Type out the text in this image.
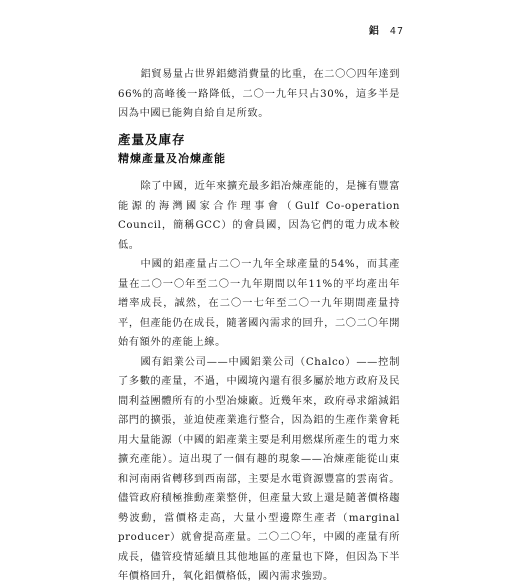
鋁 47

鋁貿易量占世界鋁總消費量的比重，在二〇〇四年達到66%的高峰後一路降低，二〇一九年只占30%，這多半是因為中國已能夠自給自足所致。

產量及庫存
精煉產量及冶煉產能

除了中國，近年來擴充最多鋁冶煉產能的，是擁有豐富能源的海灣國家合作理事會（Gulf Co-operation Council，簡稱GCC）的會員國，因為它們的電力成本較低。

中國的鋁產量占二〇一九年全球產量的54%，而其產量在二〇一〇年至二〇一九年期間以年11%的平均產出年增率成長，誠然，在二〇一七年至二〇一九年期間產量持平，但產能仍在成長，隨著國內需求的回升，二〇二〇年開始有額外的產能上線。

國有鋁業公司——中國鋁業公司（Chalco）——控制了多數的產量，不過，中國境內還有很多屬於地方政府及民間利益團體所有的小型冶煉廠。近幾年來，政府尋求縮減鋁部門的擴張，並迫使產業進行整合，因為鋁的生產作業會耗用大量能源（中國的鋁產業主要是利用燃煤所產生的電力來擴充產能）。這出現了一個有趣的現象——冶煉產能從山東和河南兩省轉移到西南部，主要是水電資源豐富的雲南省。儘管政府積極推動產業整併，但產量大致上還是隨著價格趨勢波動，當價格走高，大量小型邊際生產者（marginal producer）就會提高產量。二〇二〇年，中國的產量有所成長，儘管疫情延續且其他地區的產量也下降，但因為下半年價格回升，氧化鋁價格低，國內需求強勁。
